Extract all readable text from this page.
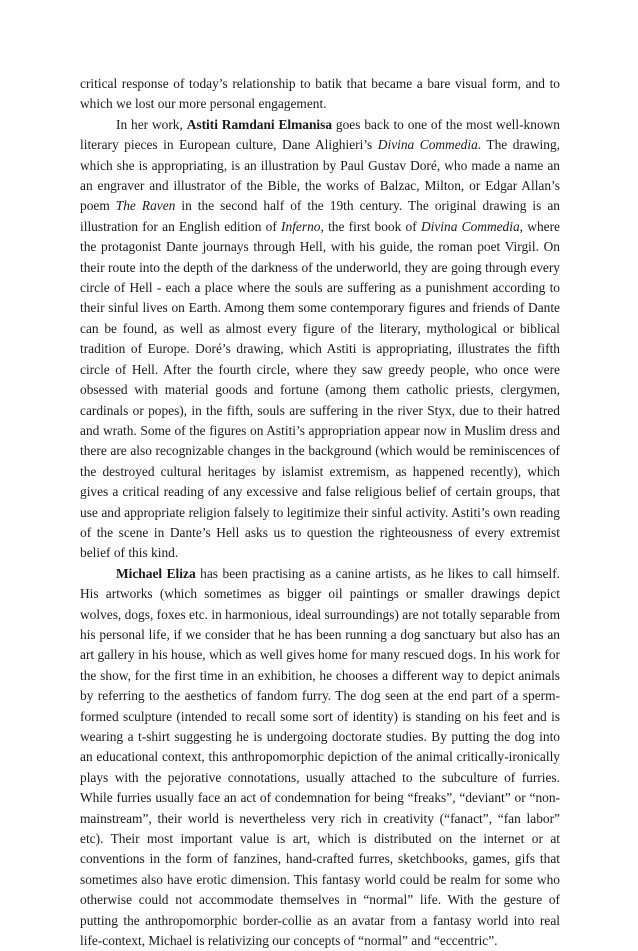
critical response of today’s relationship to batik that became a bare visual form, and to which we lost our more personal engagement.

In her work, Astiti Ramdani Elmanisa goes back to one of the most well-known literary pieces in European culture, Dane Alighieri’s Divina Commedia. The drawing, which she is appropriating, is an illustration by Paul Gustav Doré, who made a name an an engraver and illustrator of the Bible, the works of Balzac, Milton, or Edgar Allan’s poem The Raven in the second half of the 19th century. The original drawing is an illustration for an English edition of Inferno, the first book of Divina Commedia, where the protagonist Dante journays through Hell, with his guide, the roman poet Virgil. On their route into the depth of the darkness of the underworld, they are going through every circle of Hell - each a place where the souls are suffering as a punishment according to their sinful lives on Earth. Among them some contemporary figures and friends of Dante can be found, as well as almost every figure of the literary, mythological or biblical tradition of Europe. Doré’s drawing, which Astiti is appropriating, illustrates the fifth circle of Hell. After the fourth circle, where they saw greedy people, who once were obsessed with material goods and fortune (among them catholic priests, clergymen, cardinals or popes), in the fifth, souls are suffering in the river Styx, due to their hatred and wrath. Some of the figures on Astiti’s appropriation appear now in Muslim dress and there are also recognizable changes in the background (which would be reminiscences of the destroyed cultural heritages by islamist extremism, as happened recently), which gives a critical reading of any excessive and false religious belief of certain groups, that use and appropriate religion falsely to legitimize their sinful activity. Astiti’s own reading of the scene in Dante’s Hell asks us to question the righteousness of every extremist belief of this kind.

Michael Eliza has been practising as a canine artists, as he likes to call himself. His artworks (which sometimes as bigger oil paintings or smaller drawings depict wolves, dogs, foxes etc. in harmonious, ideal surroundings) are not totally separable from his personal life, if we consider that he has been running a dog sanctuary but also has an art gallery in his house, which as well gives home for many rescued dogs. In his work for the show, for the first time in an exhibition, he chooses a different way to depict animals by referring to the aesthetics of fandom furry. The dog seen at the end part of a sperm-formed sculpture (intended to recall some sort of identity) is standing on his feet and is wearing a t-shirt suggesting he is undergoing doctorate studies. By putting the dog into an educational context, this anthropomorphic depiction of the animal critically-ironically plays with the pejorative connotations, usually attached to the subculture of furries. While furries usually face an act of condemnation for being “freaks”, “deviant” or “non-mainstream”, their world is nevertheless very rich in creativity (“fanact”, “fan labor” etc). Their most important value is art, which is distributed on the internet or at conventions in the form of fanzines, hand-crafted furres, sketchbooks, games, gifs that sometimes also have erotic dimension. This fantasy world could be realm for some who otherwise could not accommodate themselves in “normal” life. With the gesture of putting the anthropomorphic border-collie as an avatar from a fantasy world into real life-context, Michael is relativizing our concepts of “normal” and “eccentric”.
